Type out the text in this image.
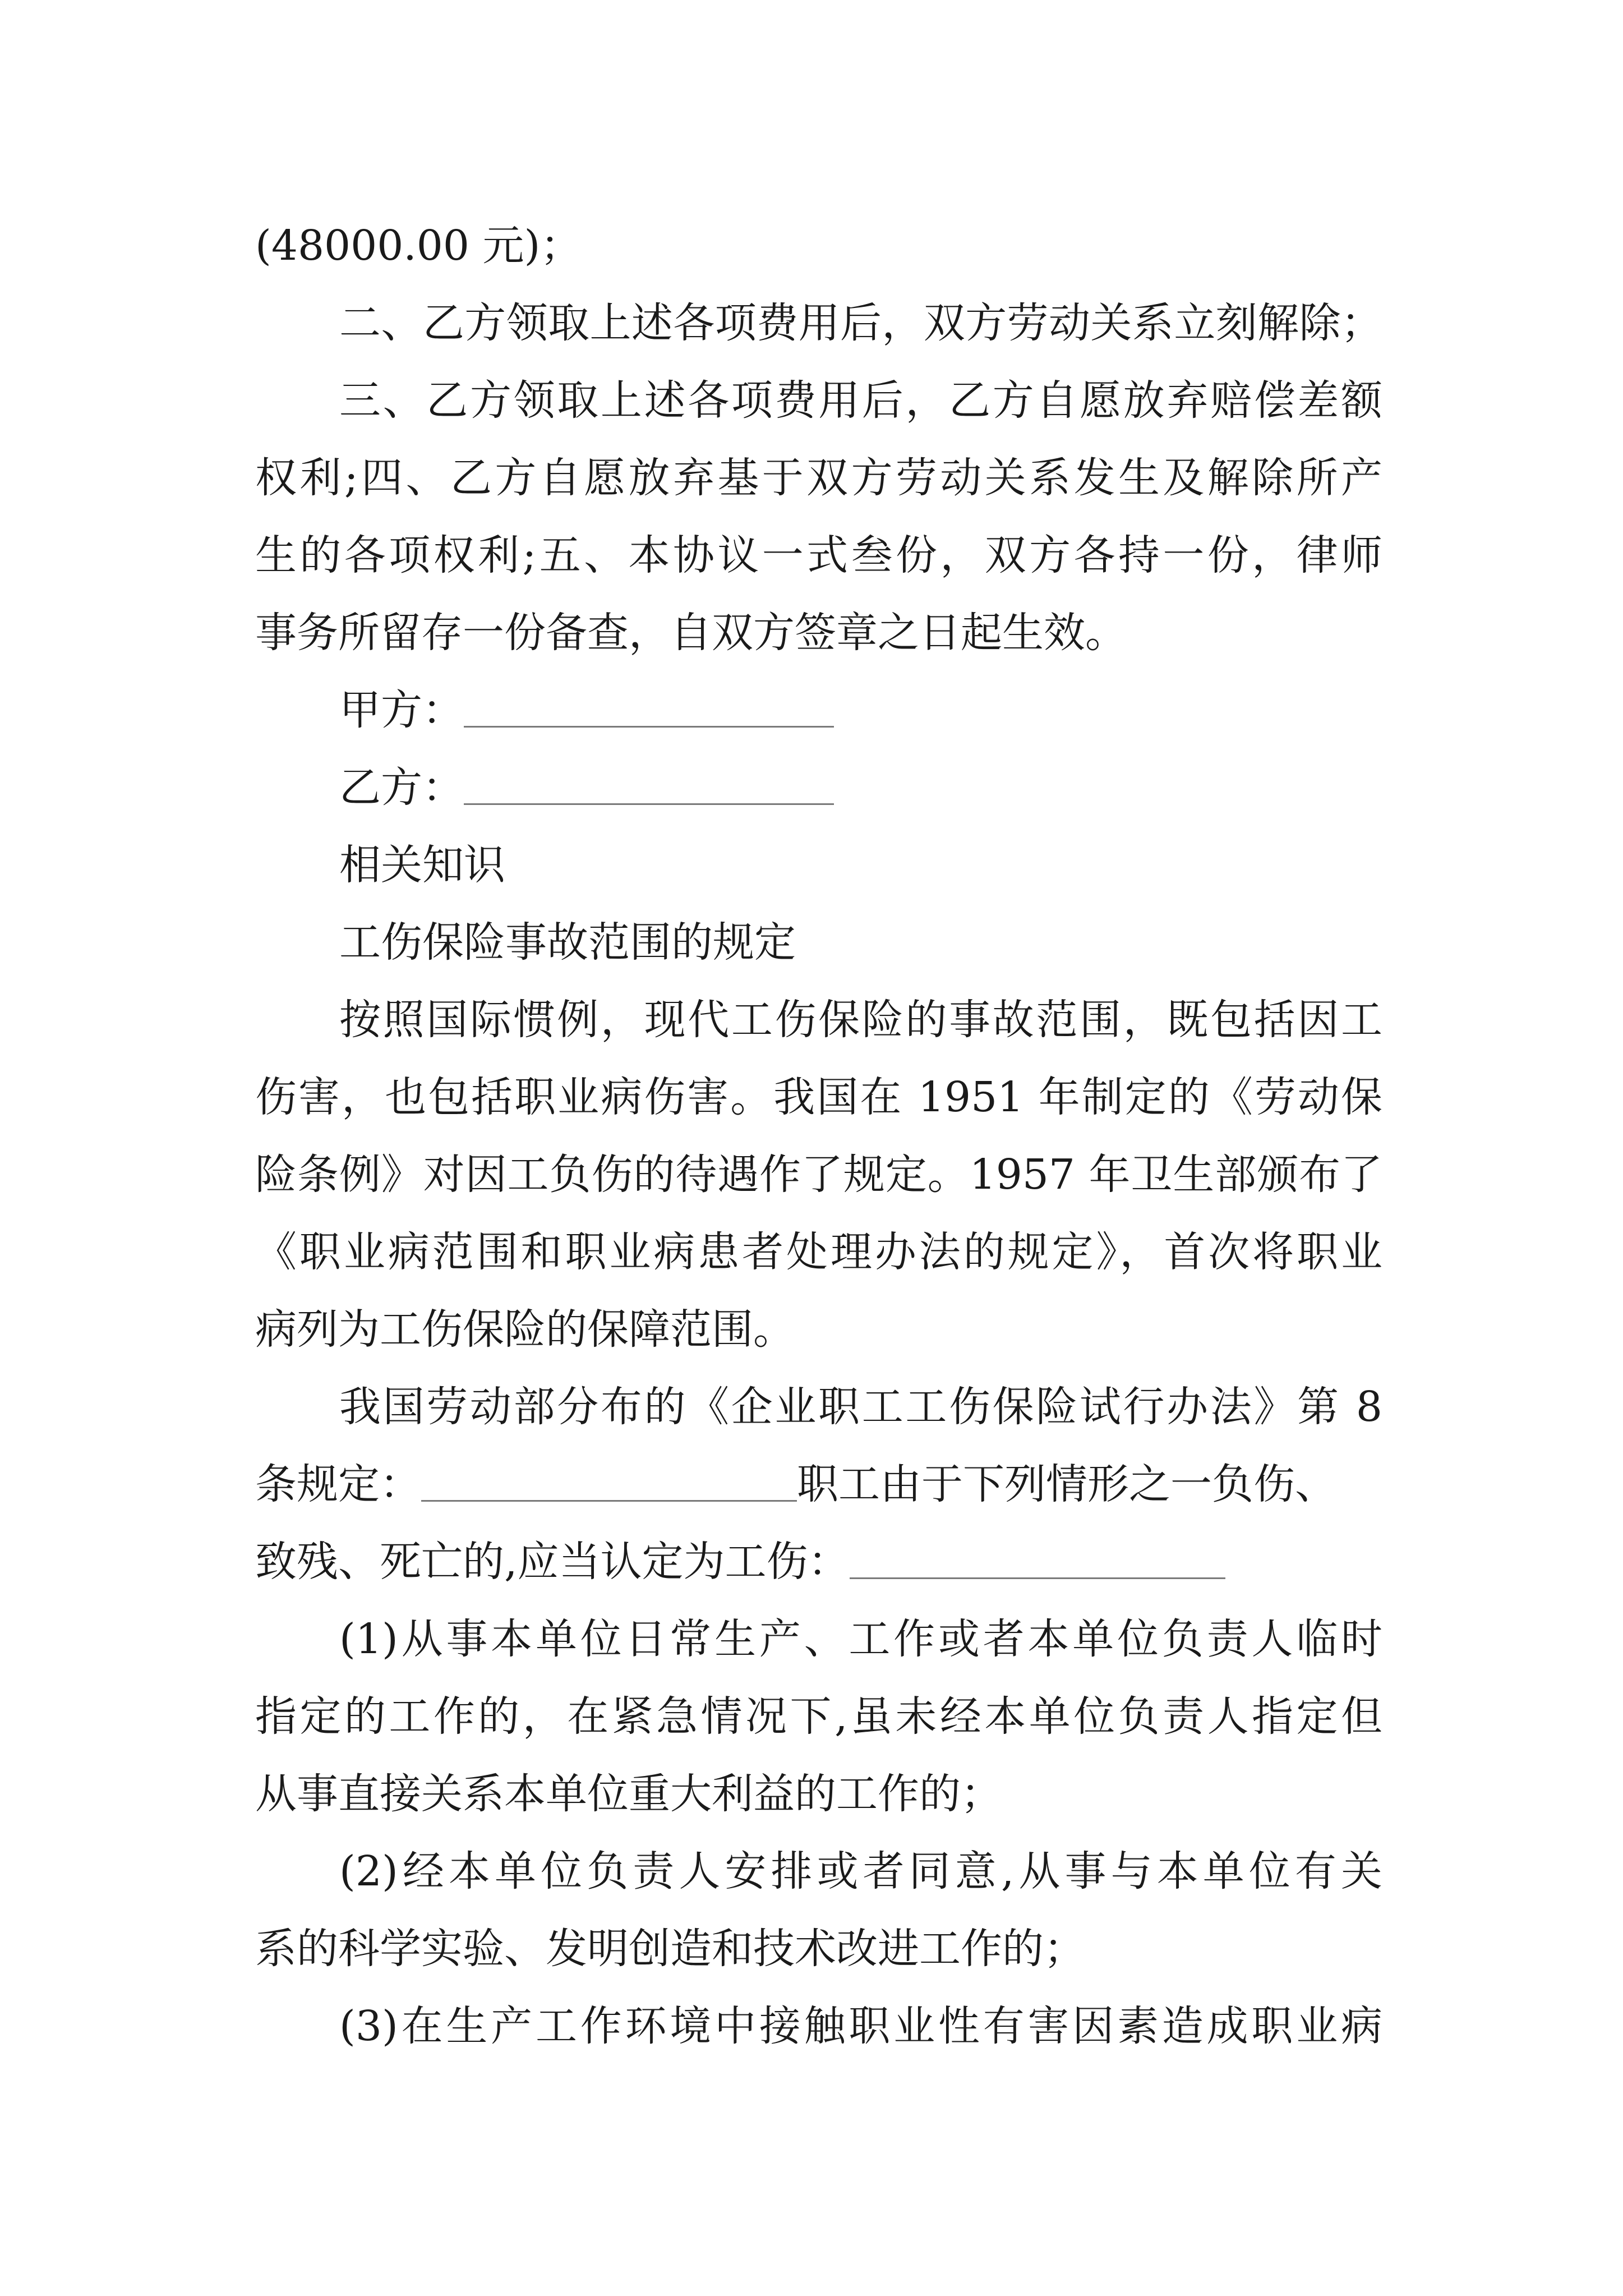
(48000.00 元)；
二、乙方领取上述各项费用后，双方劳动关系立刻解除；
三、乙方领取上述各项费用后，乙方自愿放弃赔偿差额
权利;四、乙方自愿放弃基于双方劳动关系发生及解除所产
生的各项权利;五、本协议一式叁份，双方各持一份，律师
事务所留存一份备查，自双方签章之日起生效。
甲方：
乙方：
相关知识
工伤保险事故范围的规定
按照国际惯例，现代工伤保险的事故范围，既包括因工
伤害，也包括职业病伤害。我国在 1951 年制定的《劳动保
险条例》对因工负伤的待遇作了规定。1957 年卫生部颁布了
《职业病范围和职业病患者处理办法的规定》，首次将职业
病列为工伤保险的保障范围。
我国劳动部分布的《企业职工工伤保险试行办法》第 8
条规定：	职工由于下列情形之一负伤、
致残、死亡的,应当认定为工伤：
(1)从事本单位日常生产、工作或者本单位负责人临时
指定的工作的，在紧急情况下,虽未经本单位负责人指定但
从事直接关系本单位重大利益的工作的；
(2)经本单位负责人安排或者同意,从事与本单位有关
系的科学实验、发明创造和技术改进工作的；
(3)在生产工作环境中接触职业性有害因素造成职业病
